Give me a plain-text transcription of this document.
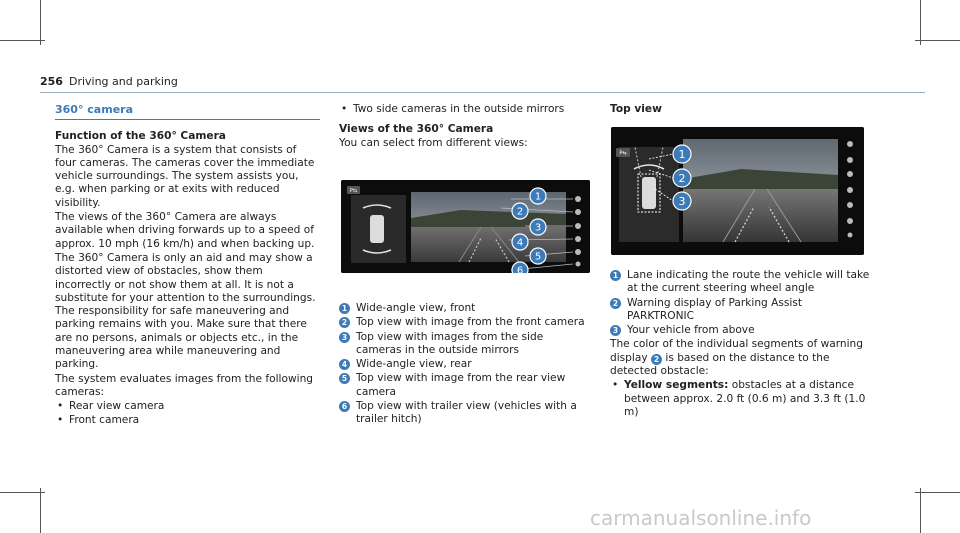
256 Driving and parking
360° camera
Function of the 360° Camera
The 360° Camera is a system that consists of four cameras. The cameras cover the immediate vehicle surroundings. The system assists you, e.g. when parking or at exits with reduced visibility.
The views of the 360° Camera are always available when driving forwards up to a speed of approx. 10 mph (16 km/h) and when backing up.
The 360° Camera is only an aid and may show a distorted view of obstacles, show them incorrectly or not show them at all. It is not a substitute for your attention to the surroundings. The responsibility for safe maneuvering and parking remains with you. Make sure that there are no persons, animals or objects etc., in the maneuvering area while maneuvering and parking.
The system evaluates images from the following cameras:
• Rear view camera
• Front camera
• Two side cameras in the outside mirrors
Views of the 360° Camera
You can select from different views:
P⇆
1
2
3
4
5
6
1 Wide-angle view, front
2 Top view with image from the front camera
3 Top view with images from the side cameras in the outside mirrors
4 Wide-angle view, rear
5 Top view with image from the rear view camera
6 Top view with trailer view (vehicles with a trailer hitch)
Top view
P⇆	1
2
3
1 Lane indicating the route the vehicle will take at the current steering wheel angle
2 Warning display of Parking Assist PARKTRONIC
3 Your vehicle from above
The color of the individual segments of warning display 2 is based on the distance to the detected obstacle:
• Yellow segments: obstacles at a distance between approx. 2.0 ft (0.6 m) and 3.3 ft (1.0 m)
carmanualsonline.info
